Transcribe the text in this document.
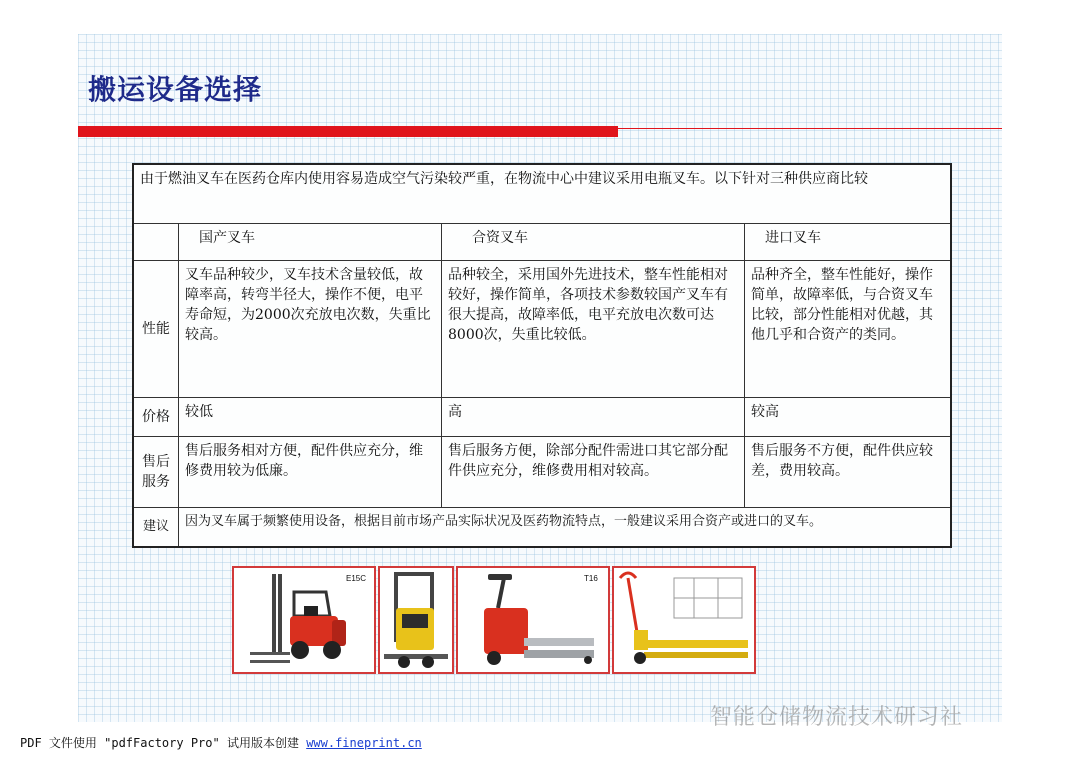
搬运设备选择
由于燃油叉车在医药仓库内使用容易造成空气污染较严重，在物流中心中建议采用电瓶叉车。以下针对三种供应商比较			
	国产叉车	合资叉车	进口叉车
性能	叉车品种较少，叉车技术含量较低，故障率高，转弯半径大，操作不便，电平寿命短，为2000次充放电次数，失重比较高。	品种较全，采用国外先进技术，整车性能相对较好，操作简单，各项技术参数较国产叉车有很大提高，故障率低，电平充放电次数可达8000次，失重比较低。	品种齐全，整车性能好，操作简单，故障率低，与合资叉车比较，部分性能相对优越，其他几乎和合资产的类同。
价格	较低	高	较高
售后服务	售后服务相对方便，配件供应充分，维修费用较为低廉。	售后服务方便，除部分配件需进口其它部分配件供应充分，维修费用相对较高。	售后服务不方便，配件供应较差，费用较高。
建议	因为叉车属于频繁使用设备，根据目前市场产品实际状况及医药物流特点，一般建议采用合资产或进口的叉车。		
E15C	T16
智能仓储物流技术研习社
PDF 文件使用 "pdfFactory Pro" 试用版本创建 www.fineprint.cn
